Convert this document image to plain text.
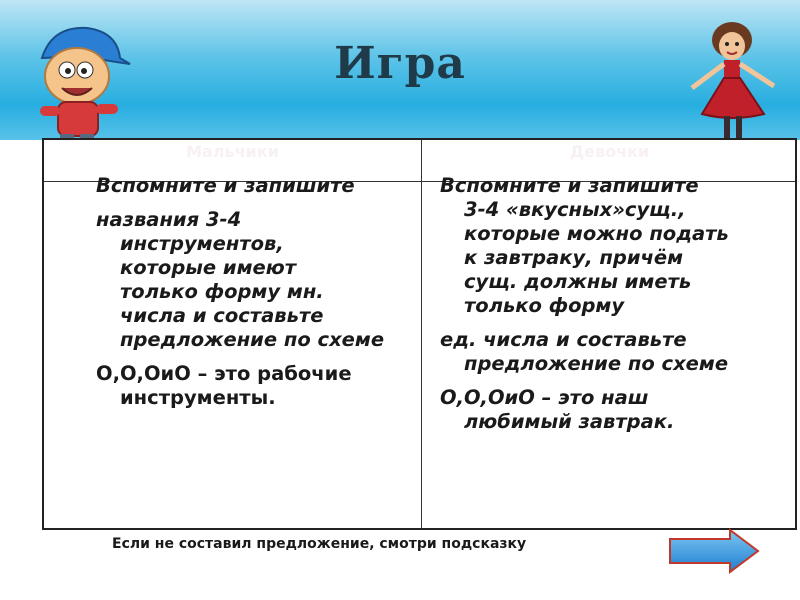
Игра
Мальчики	Девочки

Вспомните и запишите

названия 3-4

инструментов,

которые имеют

только форму мн.

числа и составьте

предложение по схеме

О,О,ОиО – это рабочие

инструменты.

Вспомните и запишите

3-4 «вкусных»сущ.,

которые можно подать

к завтраку, причём

сущ. должны иметь

только форму

ед. числа и составьте

предложение по схеме

О,О,ОиО – это наш

любимый завтрак.

Если не составил предложение, смотри подсказку
